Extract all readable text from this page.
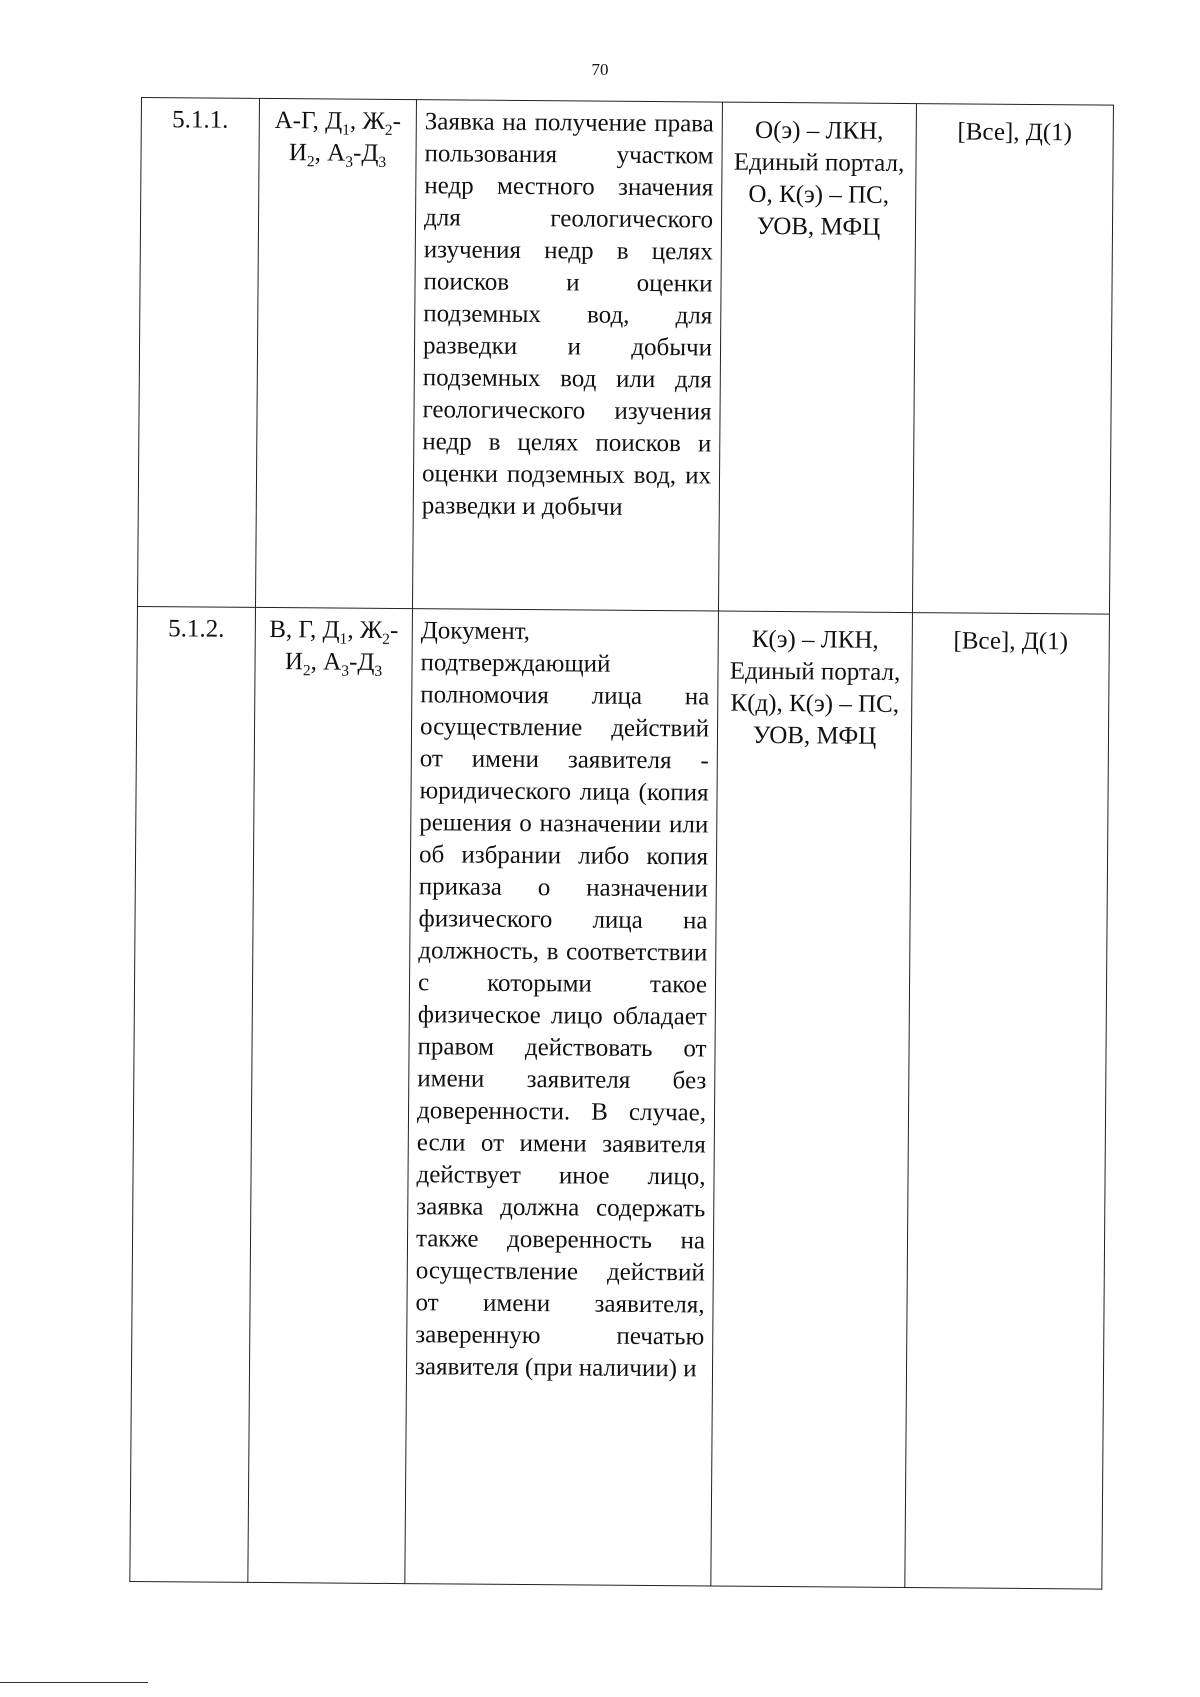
70
5.1.1.	А-Г, $Д_1$, $Ж_2-И_2$, $А_3-Д_3$	Заявка на получение права пользования участком недр местного значения для геологического изучения недр в целях поисков и оценки подземных вод, для разведки и добычи подземных вод или для геологического изучения недр в целях поисков и оценки подземных вод, их разведки и добычи	О(э) – ЛКН, Единый портал, О, К(э) – ПС, УОВ, МФЦ	[Все], Д(1)
5.1.2.	В, Г, $Д_1$, $Ж_2-И_2$, $А_3-Д_3$	Документ, подтверждающий полномочия лица на осуществление действий от имени заявителя - юридического лица (копия решения о назначении или об избрании либо копия приказа о назначении физического лица на должность, в соответствии с которыми такое физическое лицо обладает правом действовать от имени заявителя без доверенности. В случае, если от имени заявителя действует иное лицо, заявка должна содержать также доверенность на осуществление действий от имени заявителя, заверенную печатью заявителя (при наличии) и	К(э) – ЛКН, Единый портал, К(д), К(э) – ПС, УОВ, МФЦ	[Все], Д(1)
